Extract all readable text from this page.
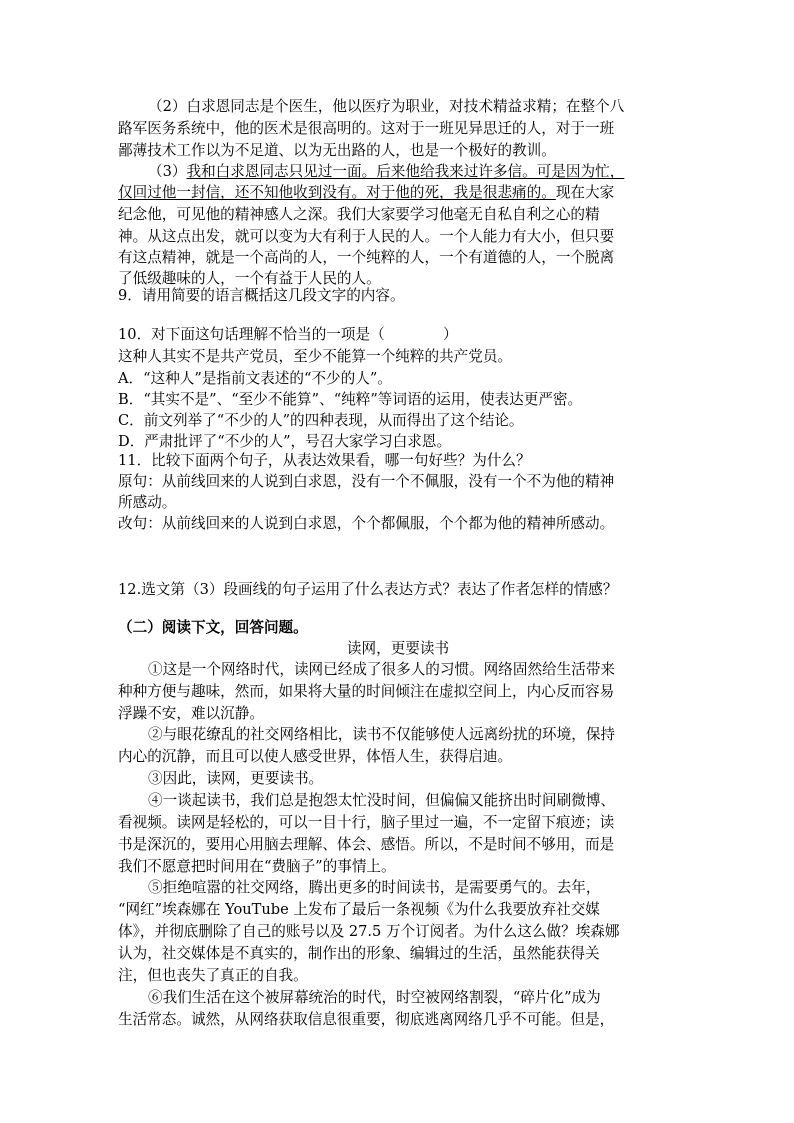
（2）白求恩同志是个医生，他以医疗为职业，对技术精益求精；在整个八
路军医务系统中，他的医术是很高明的。这对于一班见异思迁的人，对于一班
鄙薄技术工作以为不足道、以为无出路的人，也是一个极好的教训。
（3）我和白求恩同志只见过一面。后来他给我来过许多信。可是因为忙，
仅回过他一封信，还不知他收到没有。对于他的死，我是很悲痛的。现在大家
纪念他，可见他的精神感人之深。我们大家要学习他毫无自私自利之心的精
神。从这点出发，就可以变为大有利于人民的人。一个人能力有大小，但只要
有这点精神，就是一个高尚的人，一个纯粹的人，一个有道德的人，一个脱离
了低级趣味的人，一个有益于人民的人。
9．请用简要的语言概括这几段文字的内容。
10．对下面这句话理解不恰当的一项是（　　　　）
这种人其实不是共产党员，至少不能算一个纯粹的共产党员。
A．“这种人”是指前文表述的“不少的人”。
B．“其实不是”、“至少不能算”、“纯粹”等词语的运用，使表达更严密。
C．前文列举了“不少的人”的四种表现，从而得出了这个结论。
D．严肃批评了“不少的人”，号召大家学习白求恩。
11．比较下面两个句子，从表达效果看，哪一句好些？为什么？
原句：从前线回来的人说到白求恩，没有一个不佩服，没有一个不为他的精神
所感动。
改句：从前线回来的人说到白求恩，个个都佩服，个个都为他的精神所感动。
12.选文第（3）段画线的句子运用了什么表达方式？表达了作者怎样的情感？
（二）阅读下文，回答问题。
读网，更要读书
①这是一个网络时代，读网已经成了很多人的习惯。网络固然给生活带来
种种方便与趣味，然而，如果将大量的时间倾注在虚拟空间上，内心反而容易
浮躁不安，难以沉静。
②与眼花缭乱的社交网络相比，读书不仅能够使人远离纷扰的环境，保持
内心的沉静，而且可以使人感受世界，体悟人生，获得启迪。
③因此，读网，更要读书。
④一谈起读书，我们总是抱怨太忙没时间，但偏偏又能挤出时间刷微博、
看视频。读网是轻松的，可以一目十行，脑子里过一遍，不一定留下痕迹；读
书是深沉的，要用心用脑去理解、体会、感悟。所以，不是时间不够用，而是
我们不愿意把时间用在“费脑子”的事情上。
⑤拒绝喧嚣的社交网络，腾出更多的时间读书，是需要勇气的。去年，
“网红”埃森娜在 YouTube 上发布了最后一条视频《为什么我要放弃社交媒
体》，并彻底删除了自己的账号以及 27.5 万个订阅者。为什么这么做？埃森娜
认为，社交媒体是不真实的，制作出的形象、编辑过的生活，虽然能获得关
注，但也丧失了真正的自我。
⑥我们生活在这个被屏幕统治的时代，时空被网络割裂，“碎片化”成为
生活常态。诚然，从网络获取信息很重要，彻底逃离网络几乎不可能。但是，
